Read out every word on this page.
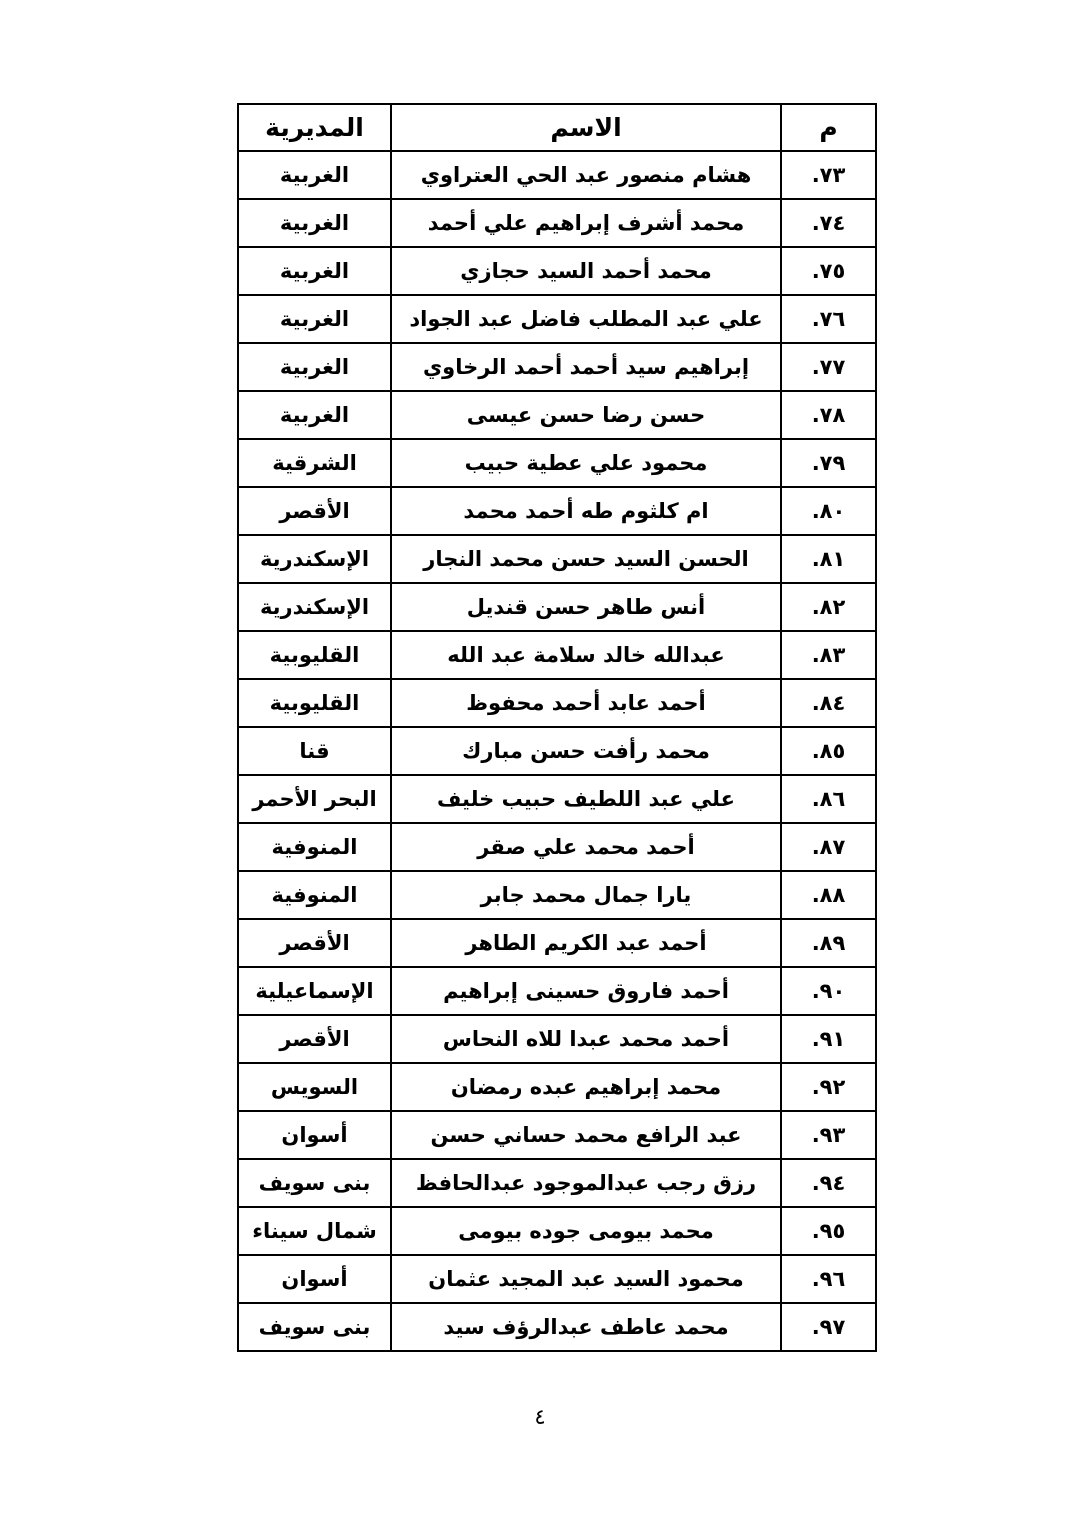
م	الاسم	المديرية
٧٣.	هشام منصور عبد الحي العتراوي	الغربية
٧٤.	محمد أشرف إبراهيم علي أحمد	الغربية
٧٥.	محمد أحمد السيد حجازي	الغربية
٧٦.	علي عبد المطلب فاضل عبد الجواد	الغربية
٧٧.	إبراهيم سيد أحمد أحمد الرخاوي	الغربية
٧٨.	حسن رضا حسن عيسى	الغربية
٧٩.	محمود علي عطية حبيب	الشرقية
٨٠.	ام كلثوم طه أحمد محمد	الأقصر
٨١.	الحسن السيد حسن محمد النجار	الإسكندرية
٨٢.	أنس طاهر حسن قنديل	الإسكندرية
٨٣.	عبدالله خالد سلامة عبد الله	القليوبية
٨٤.	أحمد عابد أحمد محفوظ	القليوبية
٨٥.	محمد رأفت حسن مبارك	قنا
٨٦.	علي عبد اللطيف حبيب خليف	البحر الأحمر
٨٧.	أحمد محمد علي صقر	المنوفية
٨٨.	يارا جمال محمد جابر	المنوفية
٨٩.	أحمد عبد الكريم الطاهر	الأقصر
٩٠.	أحمد فاروق حسينى إبراهيم	الإسماعيلية
٩١.	أحمد محمد عبدا للاه النحاس	الأقصر
٩٢.	محمد إبراهيم عبده رمضان	السويس
٩٣.	عبد الرافع محمد حساني حسن	أسوان
٩٤.	رزق رجب عبدالموجود عبدالحافظ	بنى سويف
٩٥.	محمد بيومى جوده بيومى	شمال سيناء
٩٦.	محمود السيد عبد المجيد عثمان	أسوان
٩٧.	محمد عاطف عبدالرؤف سيد	بنى سويف
٤
